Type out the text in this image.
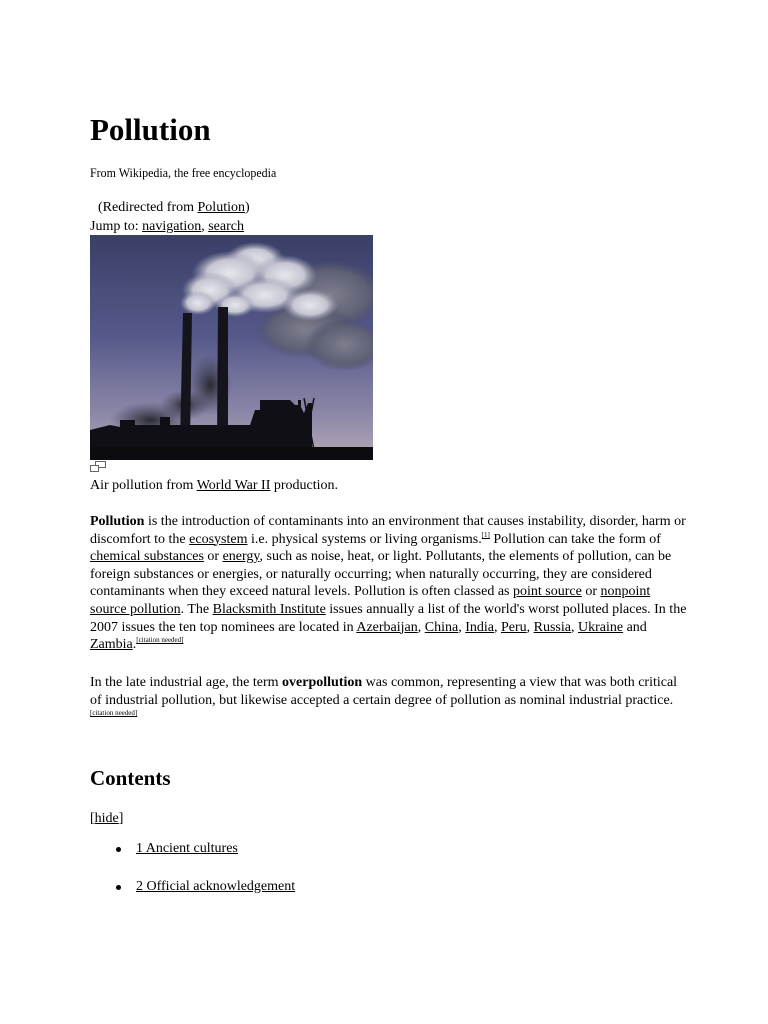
Pollution
From Wikipedia, the free encyclopedia
(Redirected from Polution)
Jump to: navigation, search
Air pollution from World War II production.

Pollution is the introduction of contaminants into an environment that causes instability, disorder, harm or discomfort to the ecosystem i.e. physical systems or living organisms.[1] Pollution can take the form of chemical substances or energy, such as noise, heat, or light. Pollutants, the elements of pollution, can be foreign substances or energies, or naturally occurring; when naturally occurring, they are considered contaminants when they exceed natural levels. Pollution is often classed as point source or nonpoint source pollution. The Blacksmith Institute issues annually a list of the world's worst polluted places. In the 2007 issues the ten top nominees are located in Azerbaijan, China, India, Peru, Russia, Ukraine and Zambia.[citation needed]

In the late industrial age, the term overpollution was common, representing a view that was both critical of industrial pollution, but likewise accepted a certain degree of pollution as nominal industrial practice.[citation needed]

Contents
[hide]
1 Ancient cultures
2 Official acknowledgement
